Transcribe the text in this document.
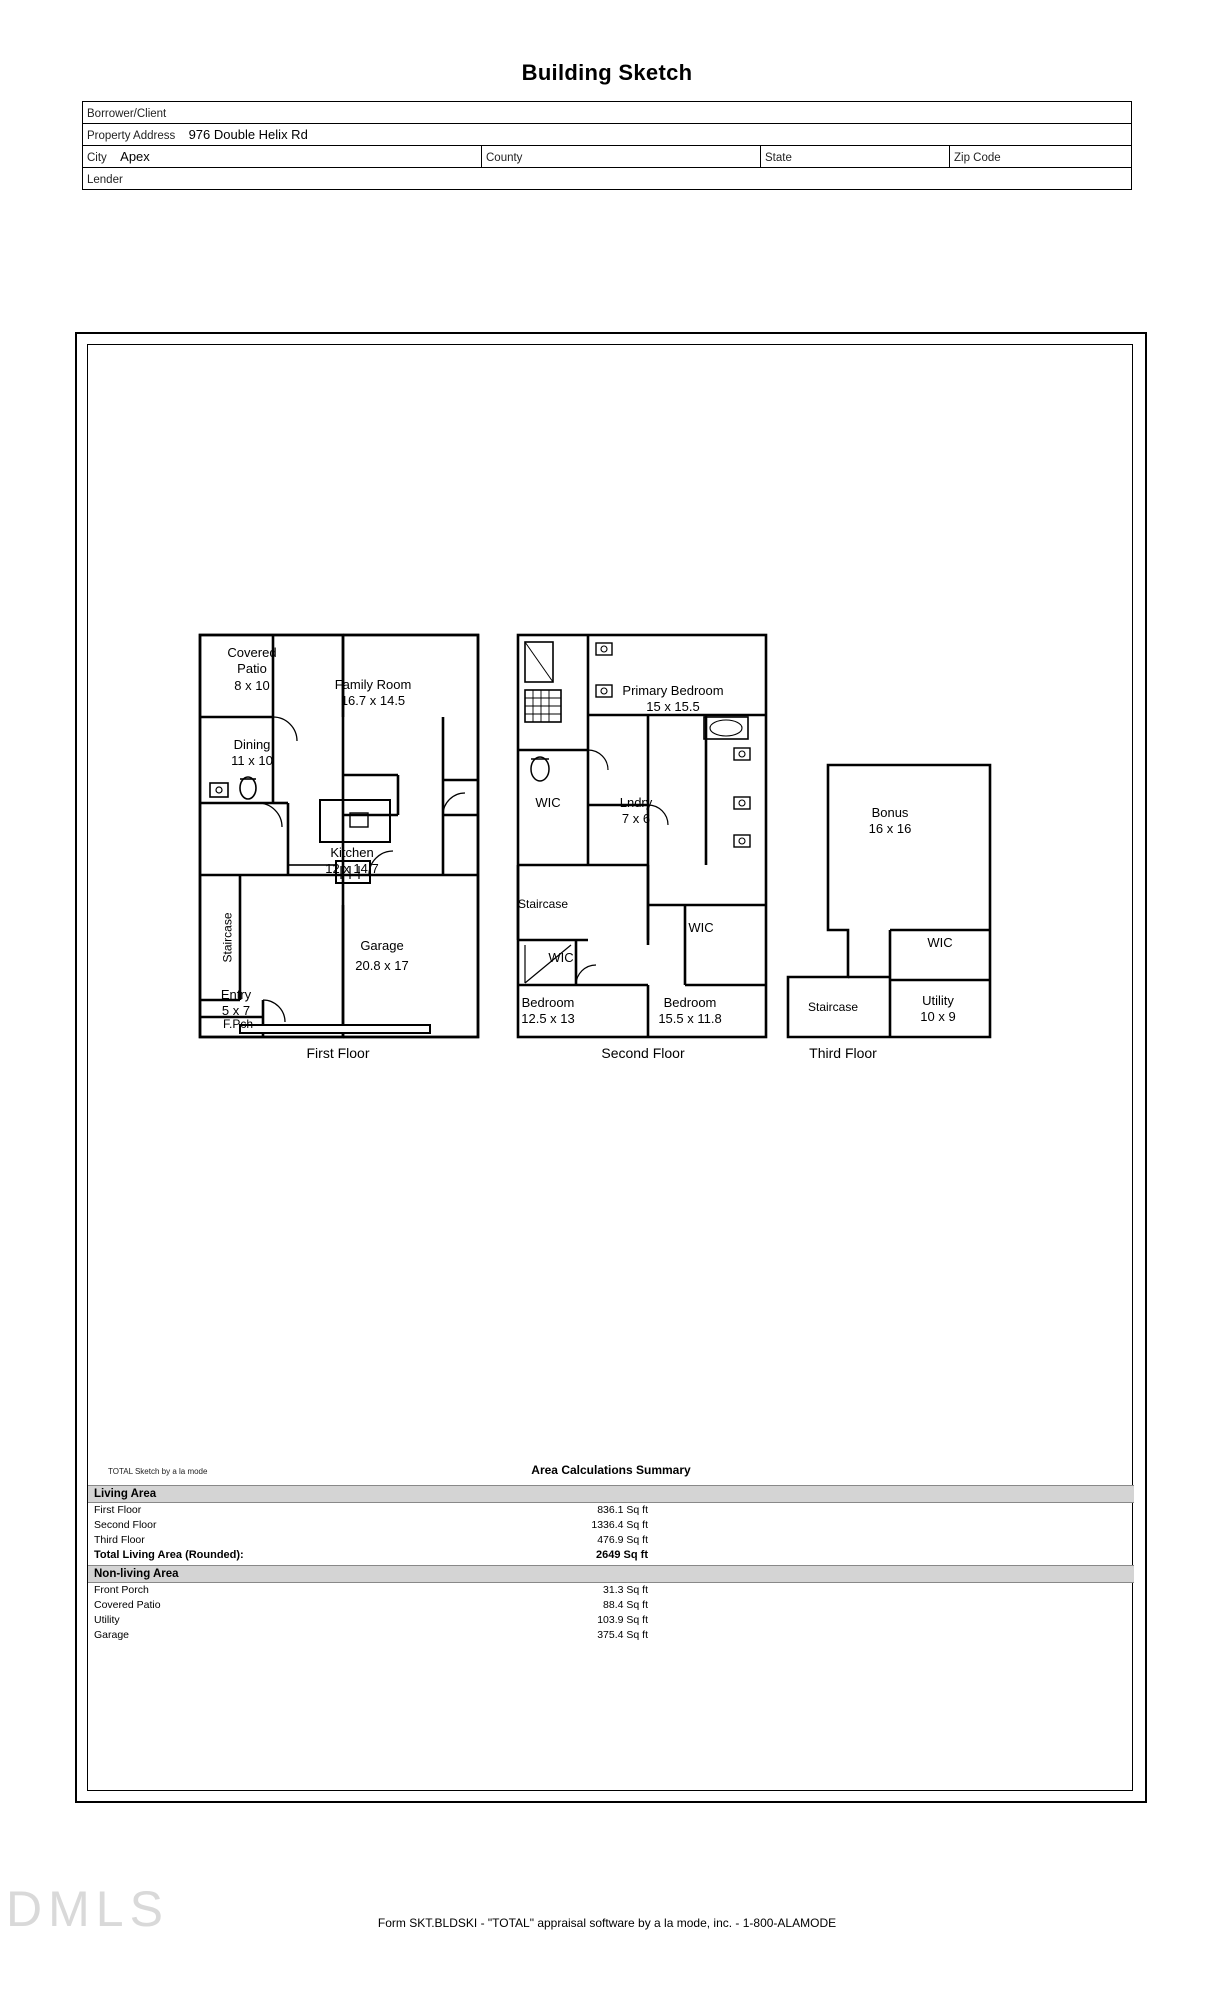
Building Sketch
Borrower/Client
Property Address 976 Double Helix Rd
City Apex	County	State	Zip Code
Lender
Covered
Patio
8 x 10	Family Room
16.7 x 14.5
Dining
11 x 10
Kitchen
12 x 14.7
Staircase
Entry
5 x 7
F.Pch
Garage
20.8 x 17
Primary Bedroom
15 x 15.5
WIC	Lndry
7 x 6
Staircase
WIC
WIC
Bedroom
12.5 x 13
Bedroom
15.5 x 11.8
Bonus
16 x 16
WIC
Utility
10 x 9
Staircase
First Floor	Second Floor	Third Floor
TOTAL Sketch by a la mode	Area Calculations Summary
Living Area
First Floor	836.1 Sq ft
Second Floor	1336.4 Sq ft
Third Floor	476.9 Sq ft
Total Living Area (Rounded):	2649 Sq ft
Non-living Area
Front Porch	31.3 Sq ft
Covered Patio	88.4 Sq ft
Utility	103.9 Sq ft
Garage	375.4 Sq ft
DMLS	Form SKT.BLDSKI - "TOTAL" appraisal software by a la mode, inc. - 1-800-ALAMODE
